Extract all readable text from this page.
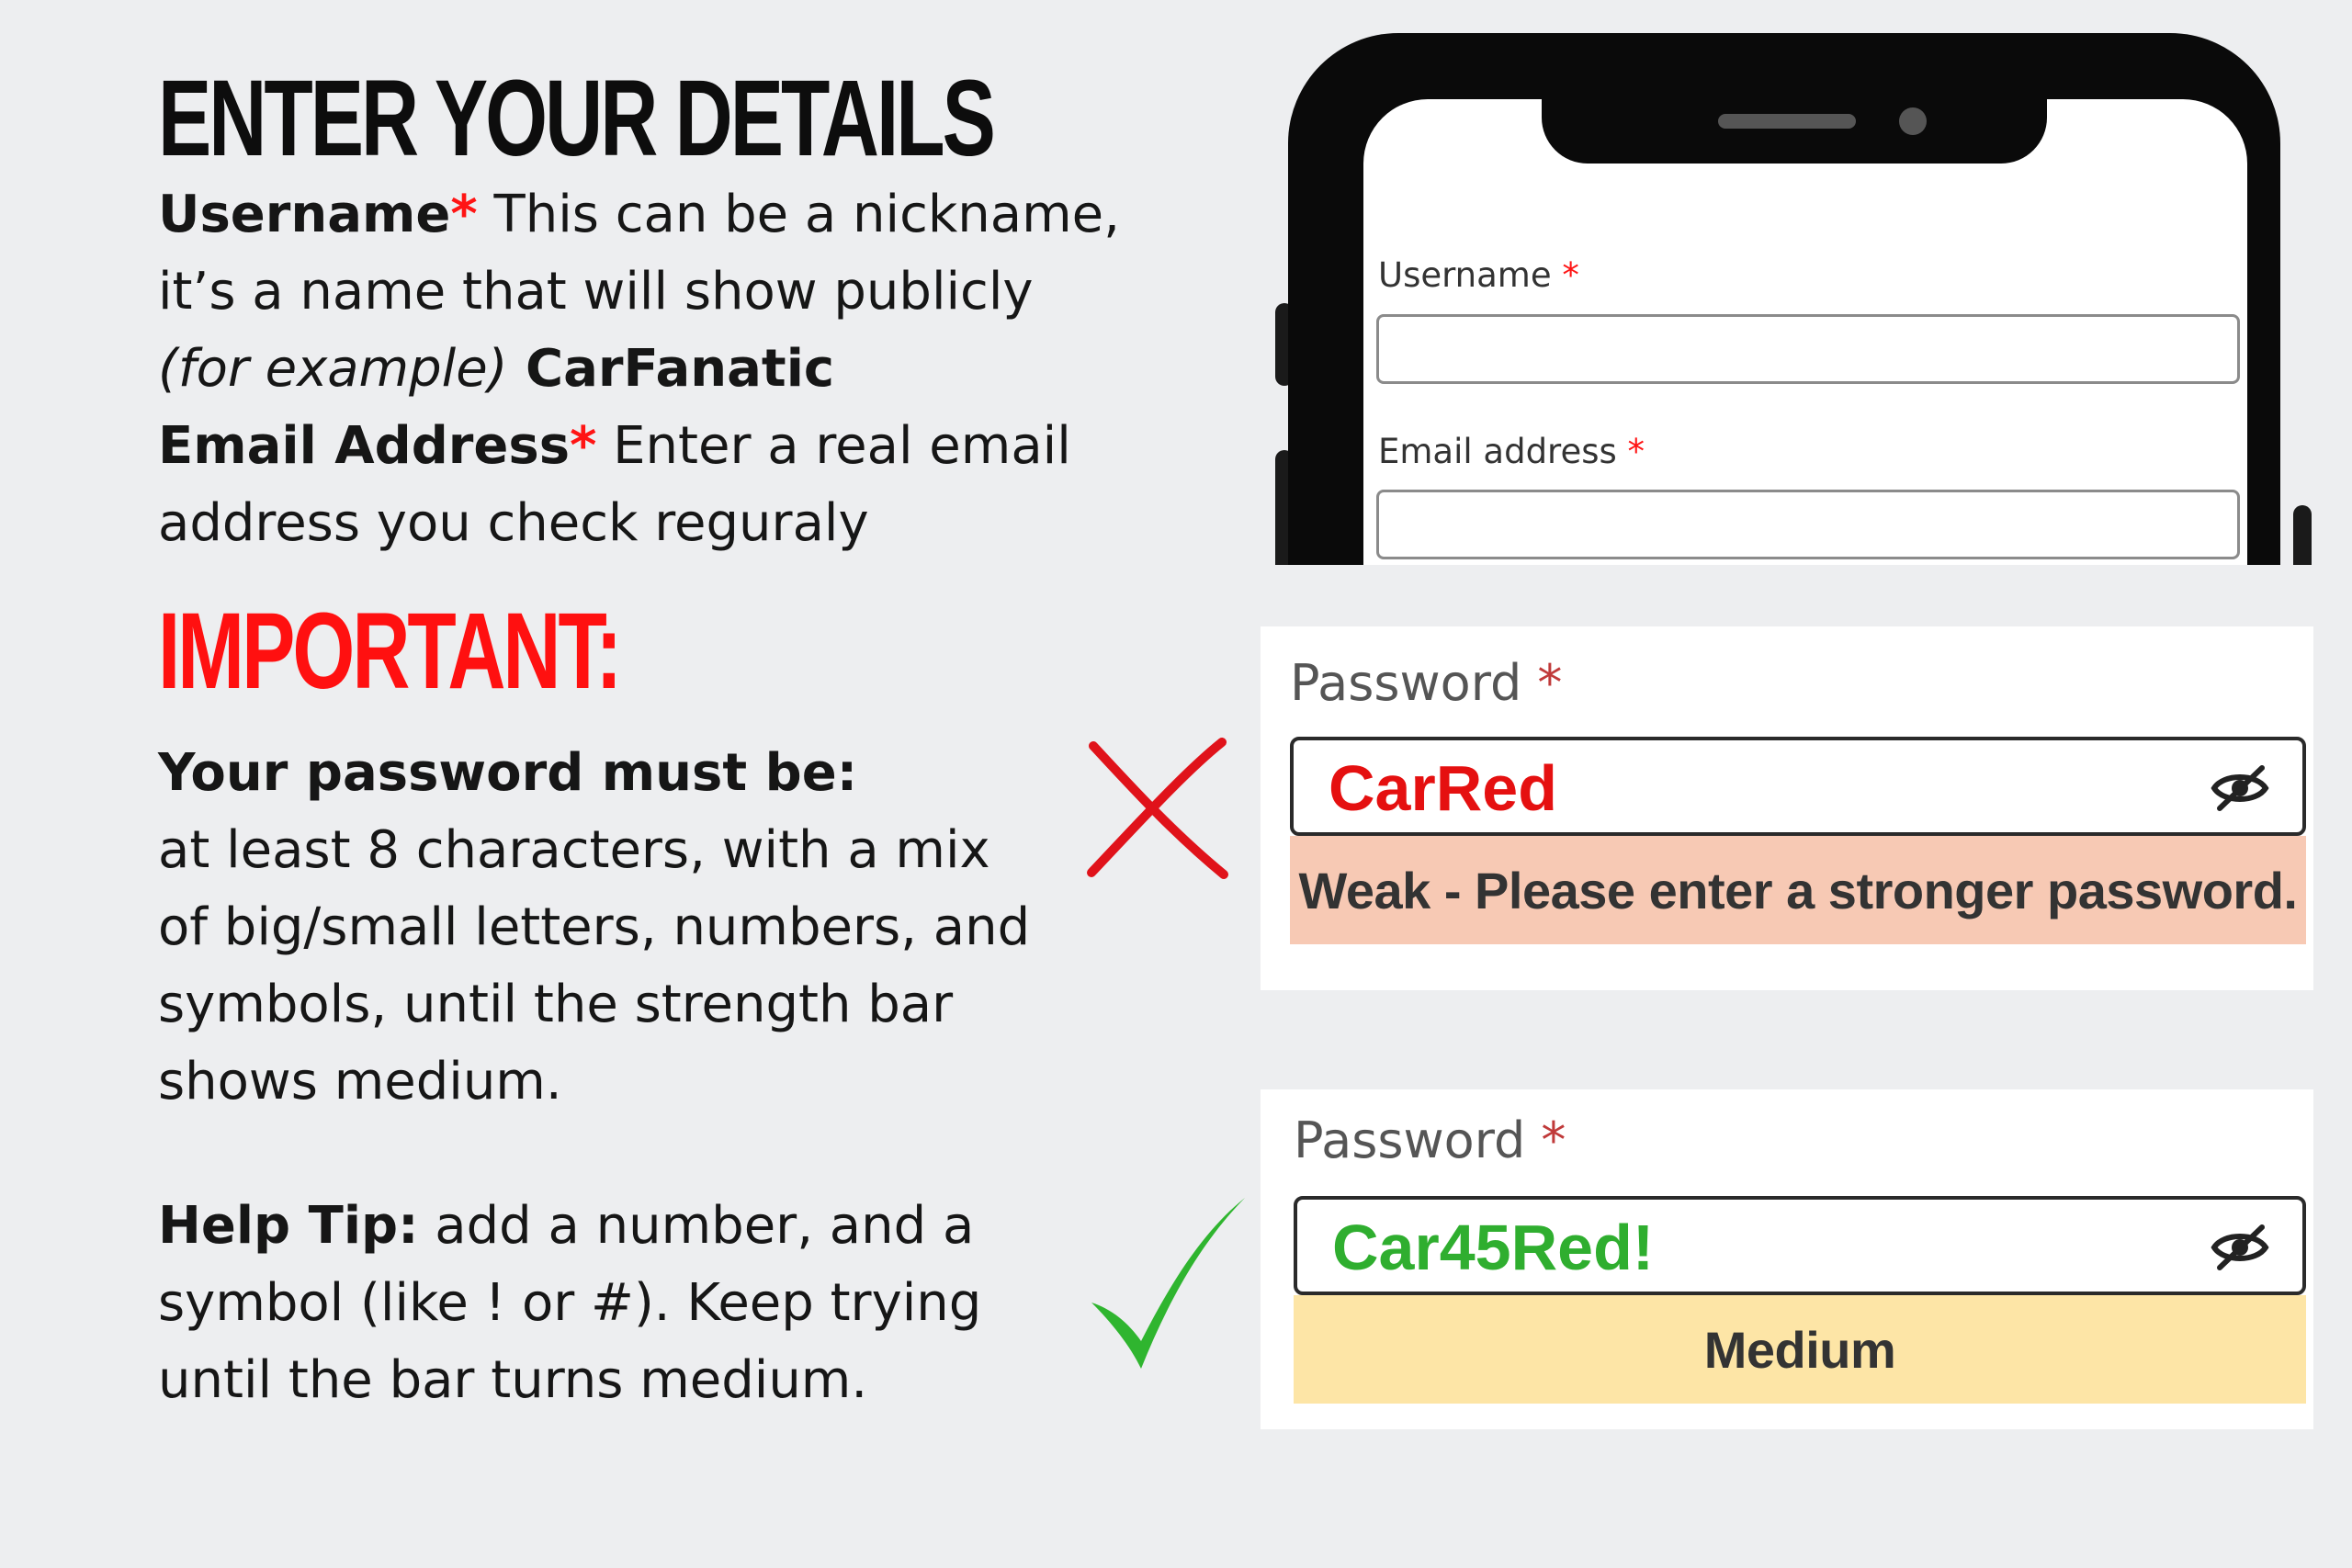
ENTER YOUR DETAILS
Username* This can be a nickname,
it’s a name that will show publicly
(for example) CarFanatic
Email Address* Enter a real email
address you check reguraly
IMPORTANT:
Your password must be:
at least 8 characters, with a mix
of big/small letters, numbers, and
symbols, until the strength bar
shows medium.
Help Tip: add a number, and a
symbol (like ! or #). Keep trying
until the bar turns medium.
Username *
Email address *
Password *
CarRed
Weak - Please enter a stronger password.
Password *
Car45Red!
Medium
